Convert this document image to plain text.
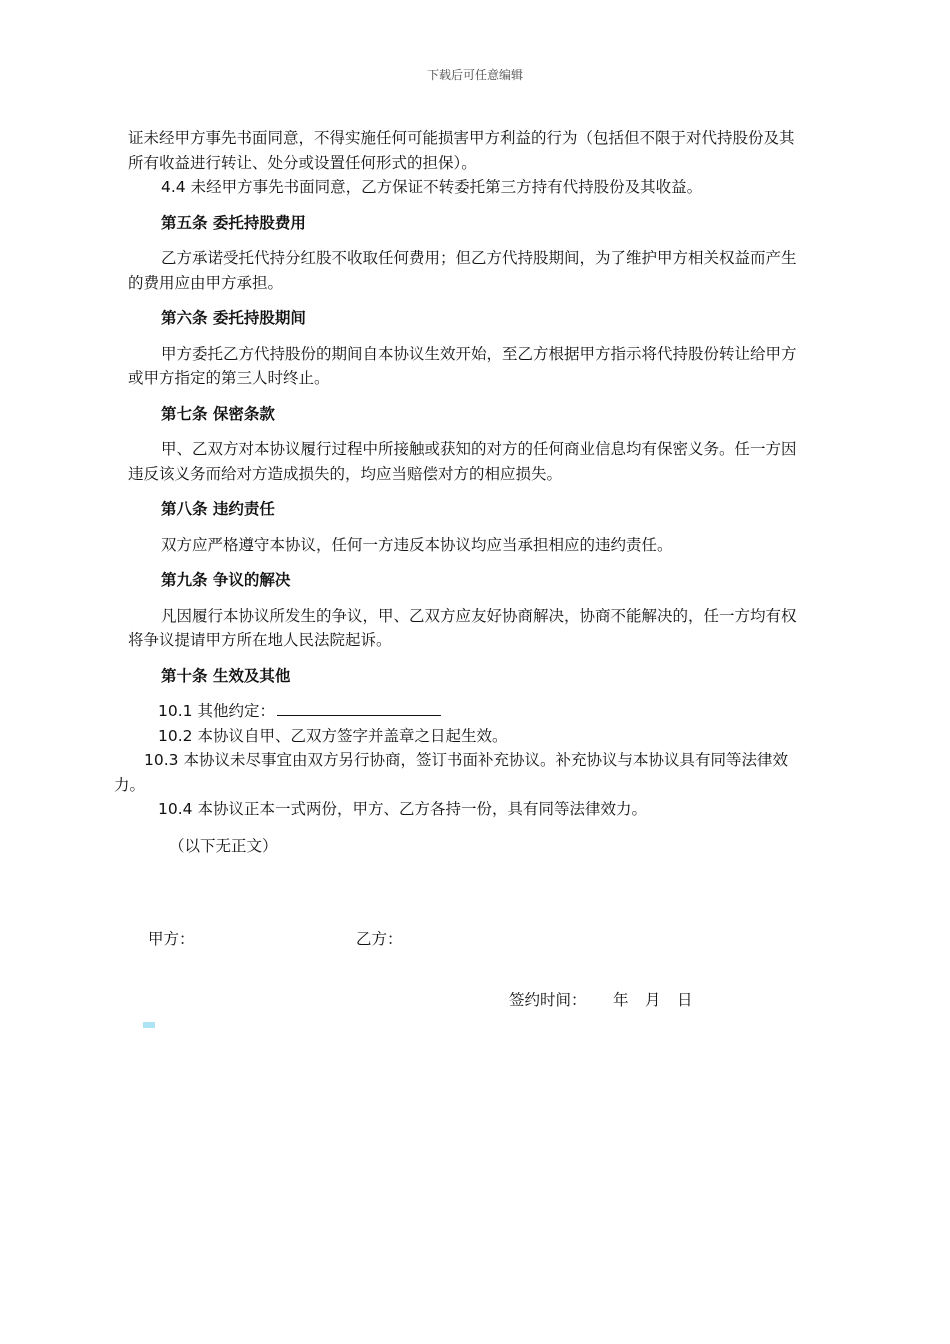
下载后可任意编辑

证未经甲方事先书面同意，不得实施任何可能损害甲方利益的行为（包括但不限于对代持股份及其所有收益进行转让、处分或设置任何形式的担保）。

4.4 未经甲方事先书面同意，乙方保证不转委托第三方持有代持股份及其收益。

第五条 委托持股费用

乙方承诺受托代持分红股不收取任何费用；但乙方代持股期间，为了维护甲方相关权益而产生的费用应由甲方承担。

第六条 委托持股期间

甲方委托乙方代持股份的期间自本协议生效开始，至乙方根据甲方指示将代持股份转让给甲方或甲方指定的第三人时终止。

第七条 保密条款

甲、乙双方对本协议履行过程中所接触或获知的对方的任何商业信息均有保密义务。任一方因违反该义务而给对方造成损失的，均应当赔偿对方的相应损失。

第八条 违约责任

双方应严格遵守本协议，任何一方违反本协议均应当承担相应的违约责任。

第九条 争议的解决

凡因履行本协议所发生的争议，甲、乙双方应友好协商解决，协商不能解决的，任一方均有权将争议提请甲方所在地人民法院起诉。

第十条 生效及其他

10.1 其他约定：

10.2 本协议自甲、乙双方签字并盖章之日起生效。

10.3 本协议未尽事宜由双方另行协商，签订书面补充协议。补充协议与本协议具有同等法律效力。

10.4 本协议正本一式两份，甲方、乙方各持一份，具有同等法律效力。

（以下无正文）

甲方：	乙方：
签约时间： 年 月 日
